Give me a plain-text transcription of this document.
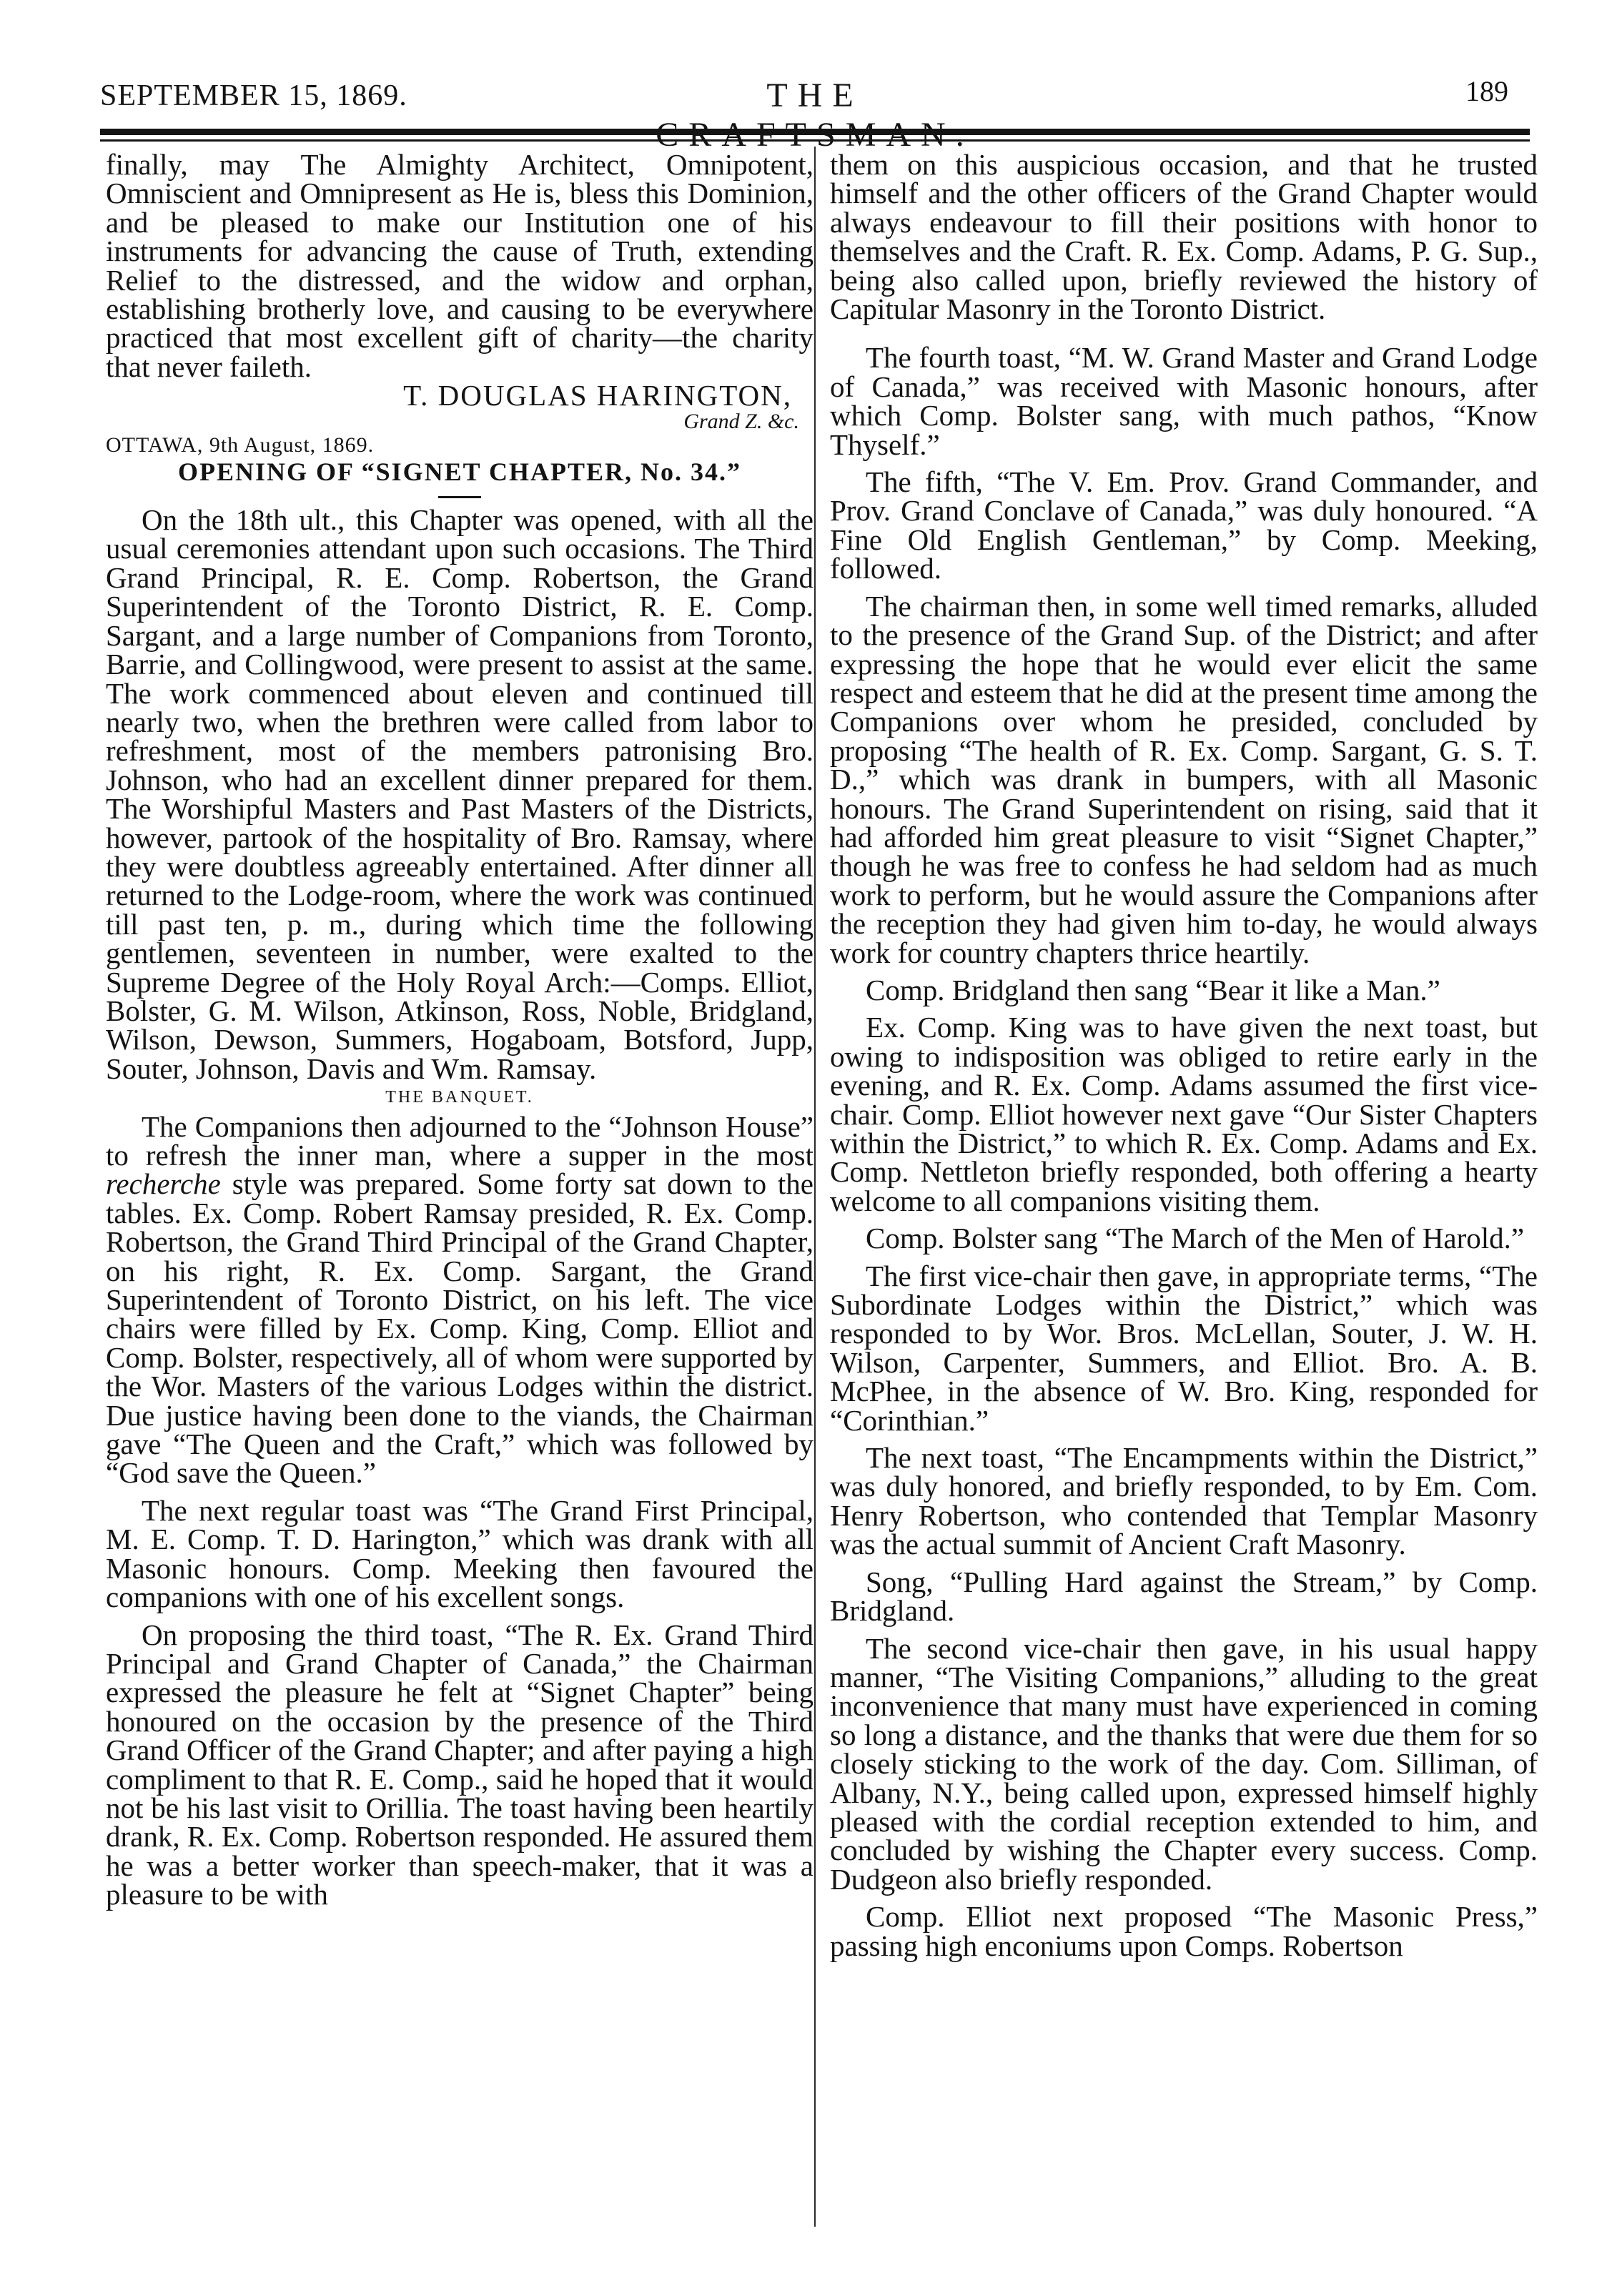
SEPTEMBER 15, 1869.	THE	189

finally, may The Almighty Architect, Omnipotent, Omniscient and Omnipresent as He is, bless this Dominion, and be pleased to make our Institution one of his instruments for advancing the cause of Truth, extending Relief to the distressed, and the widow and orphan, establishing brotherly love, and causing to be everywhere practiced that most excellent gift of charity—the charity that never faileth.

T. DOUGLAS HARINGTON,

Grand Z. &c.

OTTAWA, 9th August, 1869.

OPENING OF “SIGNET CHAPTER, No. 34.”

On the 18th ult., this Chapter was opened, with all the usual ceremonies attendant upon such occasions. The Third Grand Principal, R. E. Comp. Robertson, the Grand Superintendent of the Toronto District, R. E. Comp. Sargant, and a large number of Companions from Toronto, Barrie, and Collingwood, were present to assist at the same. The work commenced about eleven and continued till nearly two, when the brethren were called from labor to refreshment, most of the members patronising Bro. Johnson, who had an excellent dinner prepared for them. The Worshipful Masters and Past Masters of the Districts, however, partook of the hospitality of Bro. Ramsay, where they were doubtless agreeably entertained. After dinner all returned to the Lodge-room, where the work was continued till past ten, p. m., during which time the following gentlemen, seventeen in number, were exalted to the Supreme Degree of the Holy Royal Arch:—Comps. Elliot, Bolster, G. M. Wilson, Atkinson, Ross, Noble, Bridgland, Wilson, Dewson, Summers, Hogaboam, Botsford, Jupp, Souter, Johnson, Davis and Wm. Ramsay.

THE BANQUET.

The Companions then adjourned to the “Johnson House” to refresh the inner man, where a supper in the most recherche style was prepared. Some forty sat down to the tables. Ex. Comp. Robert Ramsay presided, R. Ex. Comp. Robertson, the Grand Third Principal of the Grand Chapter, on his right, R. Ex. Comp. Sargant, the Grand Superintendent of Toronto District, on his left. The vice chairs were filled by Ex. Comp. King, Comp. Elliot and Comp. Bolster, respectively, all of whom were supported by the Wor. Masters of the various Lodges within the district. Due justice having been done to the viands, the Chairman gave “The Queen and the Craft,” which was followed by “God save the Queen.”

The next regular toast was “The Grand First Principal, M. E. Comp. T. D. Harington,” which was drank with all Masonic honours. Comp. Meeking then favoured the companions with one of his excellent songs.

On proposing the third toast, “The R. Ex. Grand Third Principal and Grand Chapter of Canada,” the Chairman expressed the pleasure he felt at “Signet Chapter” being honoured on the occasion by the presence of the Third Grand Officer of the Grand Chapter; and after paying a high compliment to that R. E. Comp., said he hoped that it would not be his last visit to Orillia. The toast having been heartily drank, R. Ex. Comp. Robertson responded. He assured them he was a better worker than speech-maker, that it was a pleasure to be with

them on this auspicious occasion, and that he trusted himself and the other officers of the Grand Chapter would always endeavour to fill their positions with honor to themselves and the Craft. R. Ex. Comp. Adams, P. G. Sup., being also called upon, briefly reviewed the history of Capitular Masonry in the Toronto District.

The fourth toast, “M. W. Grand Master and Grand Lodge of Canada,” was received with Masonic honours, after which Comp. Bolster sang, with much pathos, “Know Thyself.”

The fifth, “The V. Em. Prov. Grand Commander, and Prov. Grand Conclave of Canada,” was duly honoured. “A Fine Old English Gentleman,” by Comp. Meeking, followed.

The chairman then, in some well timed remarks, alluded to the presence of the Grand Sup. of the District; and after expressing the hope that he would ever elicit the same respect and esteem that he did at the present time among the Companions over whom he presided, concluded by proposing “The health of R. Ex. Comp. Sargant, G. S. T. D.,” which was drank in bumpers, with all Masonic honours. The Grand Superintendent on rising, said that it had afforded him great pleasure to visit “Signet Chapter,” though he was free to confess he had seldom had as much work to perform, but he would assure the Companions after the reception they had given him to-day, he would always work for country chapters thrice heartily.

Comp. Bridgland then sang “Bear it like a Man.”

Ex. Comp. King was to have given the next toast, but owing to indisposition was obliged to retire early in the evening, and R. Ex. Comp. Adams assumed the first vice-chair. Comp. Elliot however next gave “Our Sister Chapters within the District,” to which R. Ex. Comp. Adams and Ex. Comp. Nettleton briefly responded, both offering a hearty welcome to all companions visiting them.

Comp. Bolster sang “The March of the Men of Harold.”

The first vice-chair then gave, in appropriate terms, “The Subordinate Lodges within the District,” which was responded to by Wor. Bros. McLellan, Souter, J. W. H. Wilson, Carpenter, Summers, and Elliot. Bro. A. B. McPhee, in the absence of W. Bro. King, responded for “Corinthian.”

The next toast, “The Encampments within the District,” was duly honored, and briefly responded, to by Em. Com. Henry Robertson, who contended that Templar Masonry was the actual summit of Ancient Craft Masonry.

Song, “Pulling Hard against the Stream,” by Comp. Bridgland.

The second vice-chair then gave, in his usual happy manner, “The Visiting Companions,” alluding to the great inconvenience that many must have experienced in coming so long a distance, and the thanks that were due them for so closely sticking to the work of the day. Com. Silliman, of Albany, N.Y., being called upon, expressed himself highly pleased with the cordial reception extended to him, and concluded by wishing the Chapter every success. Comp. Dudgeon also briefly responded.

Comp. Elliot next proposed “The Masonic Press,” passing high enconiums upon Comps. Robertson
